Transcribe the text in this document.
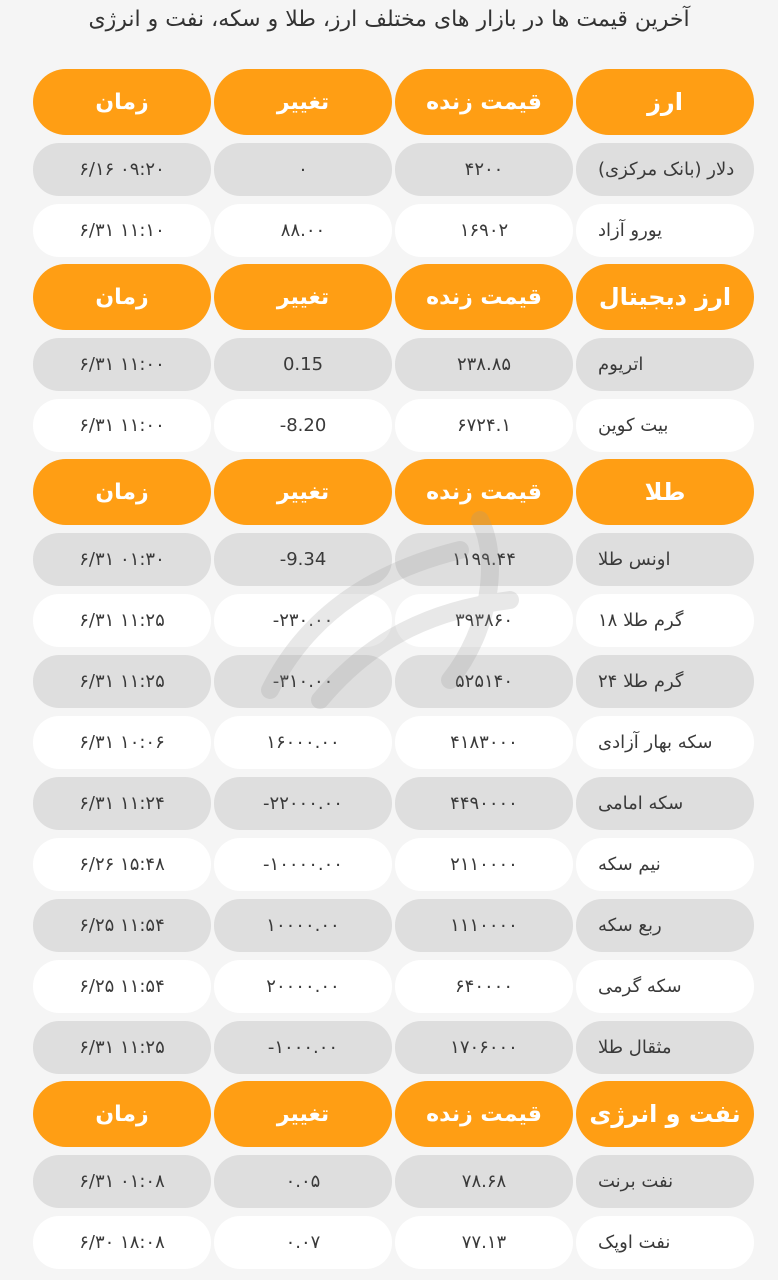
آخرین قیمت ها در بازار های مختلف ارز، طلا و سکه، نفت و انرژی
ارز
قیمت زنده
تغییر
زمان
دلار (بانک مرکزی)
۴۲۰۰
۰
۶/۱۶ ۰۹:۲۰
یورو آزاد
۱۶۹۰۲
۸۸.۰۰
۶/۳۱ ۱۱:۱۰
ارز دیجیتال
قیمت زنده
تغییر
زمان
اتریوم
۲۳۸.۸۵
0.15
۶/۳۱ ۱۱:۰۰
بیت کوین
۶۷۲۴.۱
-8.20
۶/۳۱ ۱۱:۰۰
طلا
قیمت زنده
تغییر
زمان
اونس طلا
۱۱۹۹.۴۴
-9.34
۶/۳۱ ۰۱:۳۰
گرم طلا ۱۸
۳۹۳۸۶۰
-۲۳۰.۰۰
۶/۳۱ ۱۱:۲۵
گرم طلا ۲۴
۵۲۵۱۴۰
-۳۱۰.۰۰
۶/۳۱ ۱۱:۲۵
سکه بهار آزادی
۴۱۸۳۰۰۰
۱۶۰۰۰.۰۰
۶/۳۱ ۱۰:۰۶
سکه امامی
۴۴۹۰۰۰۰
-۲۲۰۰۰.۰۰
۶/۳۱ ۱۱:۲۴
نیم سکه
۲۱۱۰۰۰۰
-۱۰۰۰۰.۰۰
۶/۲۶ ۱۵:۴۸
ربع سکه
۱۱۱۰۰۰۰
۱۰۰۰۰.۰۰
۶/۲۵ ۱۱:۵۴
سکه گرمی
۶۴۰۰۰۰
۲۰۰۰۰.۰۰
۶/۲۵ ۱۱:۵۴
مثقال طلا
۱۷۰۶۰۰۰
-۱۰۰۰.۰۰
۶/۳۱ ۱۱:۲۵
نفت و انرژی
قیمت زنده
تغییر
زمان
نفت برنت
۷۸.۶۸
۰.۰۵
۶/۳۱ ۰۱:۰۸
نفت اوپک
۷۷.۱۳
۰.۰۷
۶/۳۰ ۱۸:۰۸
